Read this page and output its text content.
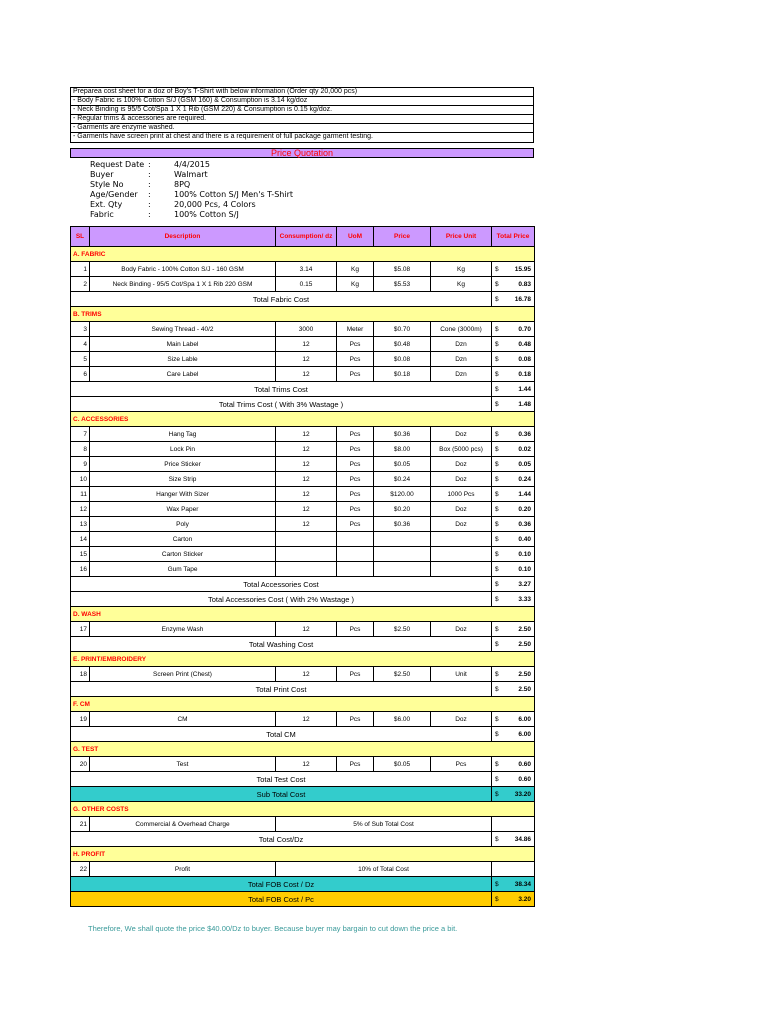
Preparea cost sheet for a doz of Boy's T-Shirt with below information (Order qty 20,000 pcs)
- Body Fabric is 100% Cotton S/J (GSM 160) & Consumption is 3.14 kg/doz
- Neck Binding is 95/5 Cot/Spa 1 X 1 Rib (GSM 220) & Consumption is 0.15 kg/doz.
- Regular trims & accessories are required.
- Garments are enzyme washed.
- Garments have screen print at chest and there is a requirement of full package garment testing.
Price Quotation
Request Date :	4/4/2015
Buyer	:	Walmart
Style No	:	8PQ
Age/Gender	:	100% Cotton S/J Men's T-Shirt
Ext. Qty	:	20,000 Pcs, 4 Colors
Fabric	:	100% Cotton S/J
SL	Description	Consumption/ dz	UoM	Price	Price Unit	Total Price	
A. FABRIC							
1	Body Fabric - 100% Cotton S/J - 160 GSM	3.14	Kg	$5.08	Kg	$	15.95
2	Neck Binding - 95/5 Cot/Spa 1 X 1 Rib 220 GSM	0.15	Kg	$5.53	Kg	$	0.83
Total Fabric Cost						$	16.78
B. TRIMS							
3	Sewing Thread - 40/2	3000	Meter	$0.70	Cone (3000m)	$	0.70
4	Main Label	12	Pcs	$0.48	Dzn	$	0.48
5	Size Lable	12	Pcs	$0.08	Dzn	$	0.08
6	Care Label	12	Pcs	$0.18	Dzn	$	0.18
Total Trims Cost						$	1.44
Total Trims Cost ( With 3% Wastage )						$	1.48
C. ACCESSORIES							
7	Hang Tag	12	Pcs	$0.36	Doz	$	0.36
8	Lock Pin	12	Pcs	$8.00	Box (5000 pcs)	$	0.02
9	Price Sticker	12	Pcs	$0.05	Doz	$	0.05
10	Size Strip	12	Pcs	$0.24	Doz	$	0.24
11	Hanger With Sizer	12	Pcs	$120.00	1000 Pcs	$	1.44
12	Wax Paper	12	Pcs	$0.20	Doz	$	0.20
13	Poly	12	Pcs	$0.36	Doz	$	0.36
14	Carton					$	0.40
15	Carton Sticker					$	0.10
16	Gum Tape					$	0.10
Total Accessories Cost						$	3.27
Total Accessories Cost ( With 2% Wastage )						$	3.33
D. WASH							
17	Enzyme Wash	12	Pcs	$2.50	Doz	$	2.50
Total Washing Cost						$	2.50
E. PRINT/EMBROIDERY							
18	Screen Print (Chest)	12	Pcs	$2.50	Unit	$	2.50
Total Print Cost						$	2.50
F. CM							
19	CM	12	Pcs	$6.00	Doz	$	6.00
Total CM						$	6.00
G. TEST							
20	Test	12	Pcs	$0.05	Pcs	$	0.60
Total Test Cost						$	0.60
Sub Total Cost						$	33.20
G. OTHER COSTS							
21	Commercial & Overhead Charge	5% of Sub Total Cost					
Total Cost/Dz						$	34.86
H. PROFIT							
22	Profit	10% of Total Cost					
Total FOB Cost / Dz						$	38.34
Total FOB Cost / Pc						$	3.20
Therefore, We shall quote the price $40.00/Dz to buyer. Because buyer may bargain to cut down the price a bit.
